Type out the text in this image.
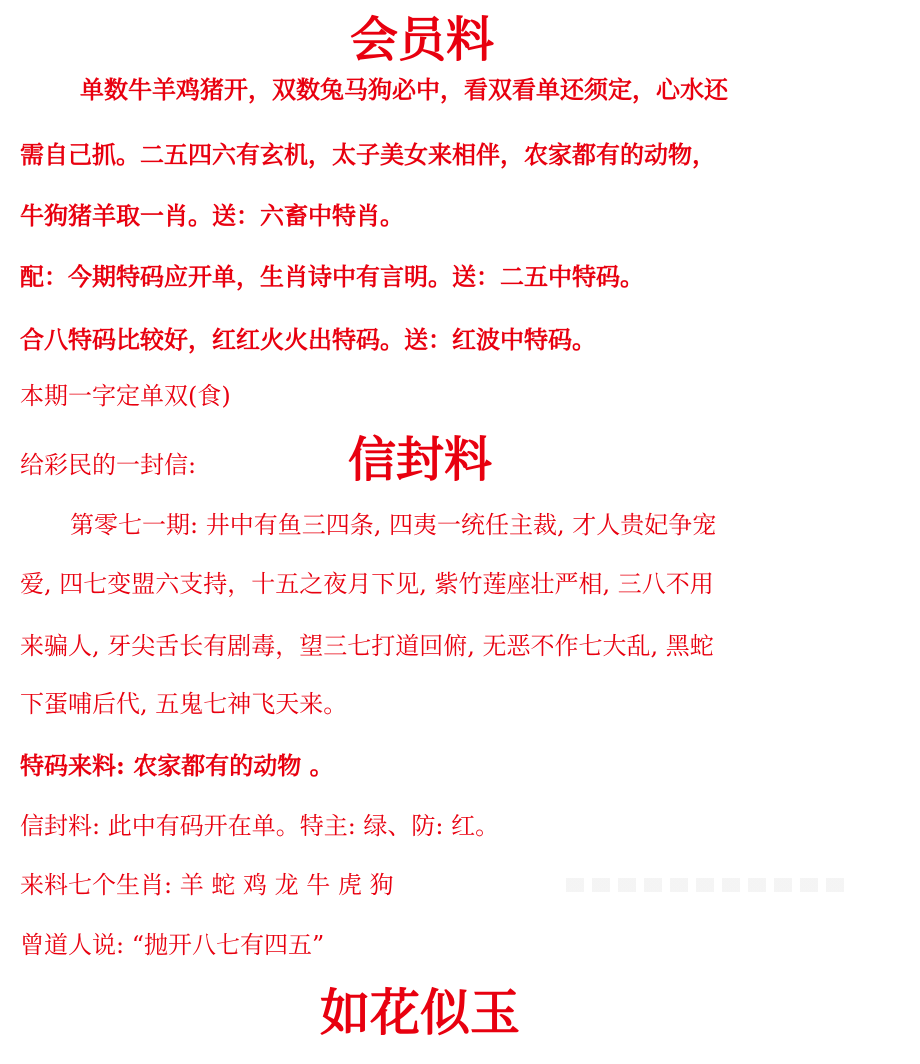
会员料
单数牛羊鸡猪开，双数兔马狗必中，看双看单还须定，心水还
需自己抓。二五四六有玄机，太子美女来相伴，农家都有的动物，
牛狗猪羊取一肖。送：六畜中特肖。
配：今期特码应开单，生肖诗中有言明。送：二五中特码。
合八特码比较好，红红火火出特码。送：红波中特码。
本期一字定单双(食)
给彩民的一封信:	信封料
第零七一期: 井中有鱼三四条, 四夷一统任主裁, 才人贵妃争宠
爱, 四七变盟六支持，十五之夜月下见, 紫竹莲座壮严相, 三八不用
来骗人, 牙尖舌长有剧毒，望三七打道回俯, 无恶不作七大乱, 黑蛇
下蛋哺后代, 五鬼七神飞天来。
特码来料: 农家都有的动物 。
信封料: 此中有码开在单。特主: 绿、防: 红。
来料七个生肖: 羊 蛇 鸡 龙 牛 虎 狗
曾道人说: “抛开八七有四五”
如花似玉
